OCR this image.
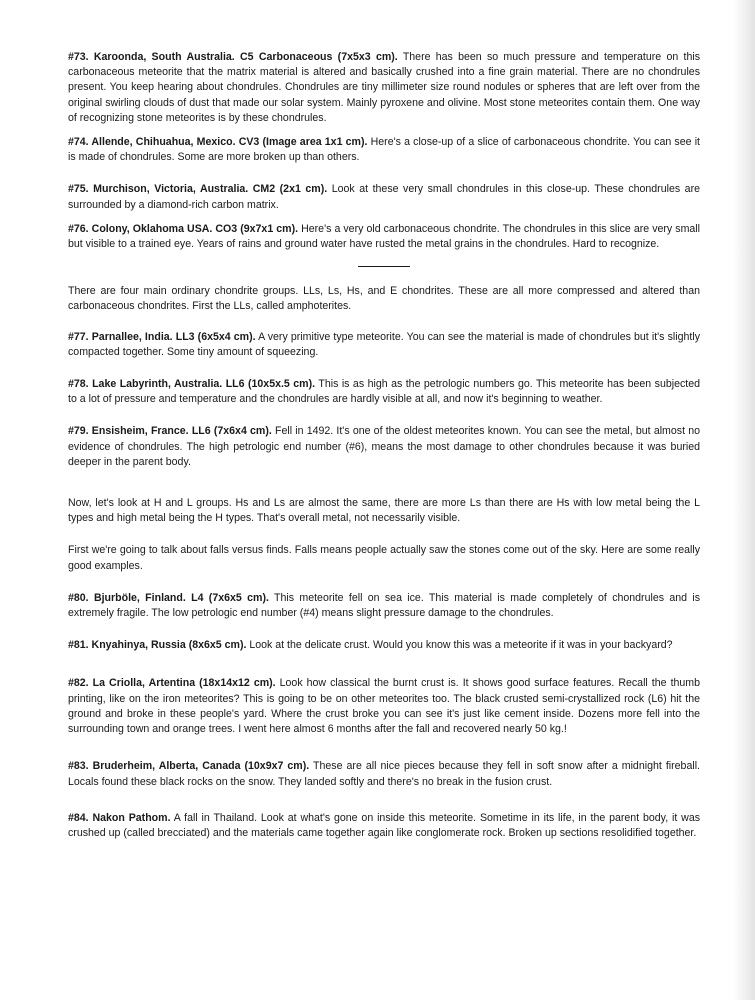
#73. Karoonda, South Australia. C5 Carbonaceous (7x5x3 cm). There has been so much pressure and temperature on this carbonaceous meteorite that the matrix material is altered and basically crushed into a fine grain material. There are no chondrules present. You keep hearing about chondrules. Chondrules are tiny millimeter size round nodules or spheres that are left over from the original swirling clouds of dust that made our solar system. Mainly pyroxene and olivine. Most stone meteorites contain them. One way of recognizing stone meteorites is by these chondrules.

#74. Allende, Chihuahua, Mexico. CV3 (Image area 1x1 cm). Here's a close-up of a slice of carbonaceous chondrite. You can see it is made of chondrules. Some are more broken up than others.

#75. Murchison, Victoria, Australia. CM2 (2x1 cm). Look at these very small chondrules in this close-up. These chondrules are surrounded by a diamond-rich carbon matrix.

#76. Colony, Oklahoma USA. CO3 (9x7x1 cm). Here's a very old carbonaceous chondrite. The chondrules in this slice are very small but visible to a trained eye. Years of rains and ground water have rusted the metal grains in the chondrules. Hard to recognize.

There are four main ordinary chondrite groups. LLs, Ls, Hs, and E chondrites. These are all more compressed and altered than carbonaceous chondrites. First the LLs, called amphoterites.

#77. Parnallee, India. LL3 (6x5x4 cm). A very primitive type meteorite. You can see the material is made of chondrules but it's slightly compacted together. Some tiny amount of squeezing.

#78. Lake Labyrinth, Australia. LL6 (10x5x.5 cm). This is as high as the petrologic numbers go. This meteorite has been subjected to a lot of pressure and temperature and the chondrules are hardly visible at all, and now it's beginning to weather.

#79. Ensisheim, France. LL6 (7x6x4 cm). Fell in 1492. It's one of the oldest meteorites known. You can see the metal, but almost no evidence of chondrules. The high petrologic end number (#6), means the most damage to other chondrules because it was buried deeper in the parent body.

Now, let's look at H and L groups. Hs and Ls are almost the same, there are more Ls than there are Hs with low metal being the L types and high metal being the H types. That's overall metal, not necessarily visible.

First we're going to talk about falls versus finds. Falls means people actually saw the stones come out of the sky. Here are some really good examples.

#80. Bjurböle, Finland. L4 (7x6x5 cm). This meteorite fell on sea ice. This material is made completely of chondrules and is extremely fragile. The low petrologic end number (#4) means slight pressure damage to the chondrules.

#81. Knyahinya, Russia (8x6x5 cm). Look at the delicate crust. Would you know this was a meteorite if it was in your backyard?

#82. La Criolla, Artentina (18x14x12 cm). Look how classical the burnt crust is. It shows good surface features. Recall the thumb printing, like on the iron meteorites? This is going to be on other meteorites too. The black crusted semi-crystallized rock (L6) hit the ground and broke in these people's yard. Where the crust broke you can see it's just like cement inside. Dozens more fell into the surrounding town and orange trees. I went here almost 6 months after the fall and recovered nearly 50 kg.!

#83. Bruderheim, Alberta, Canada (10x9x7 cm). These are all nice pieces because they fell in soft snow after a midnight fireball. Locals found these black rocks on the snow. They landed softly and there's no break in the fusion crust.

#84. Nakon Pathom. A fall in Thailand. Look at what's gone on inside this meteorite. Sometime in its life, in the parent body, it was crushed up (called brecciated) and the materials came together again like conglomerate rock. Broken up sections resolidified together.
